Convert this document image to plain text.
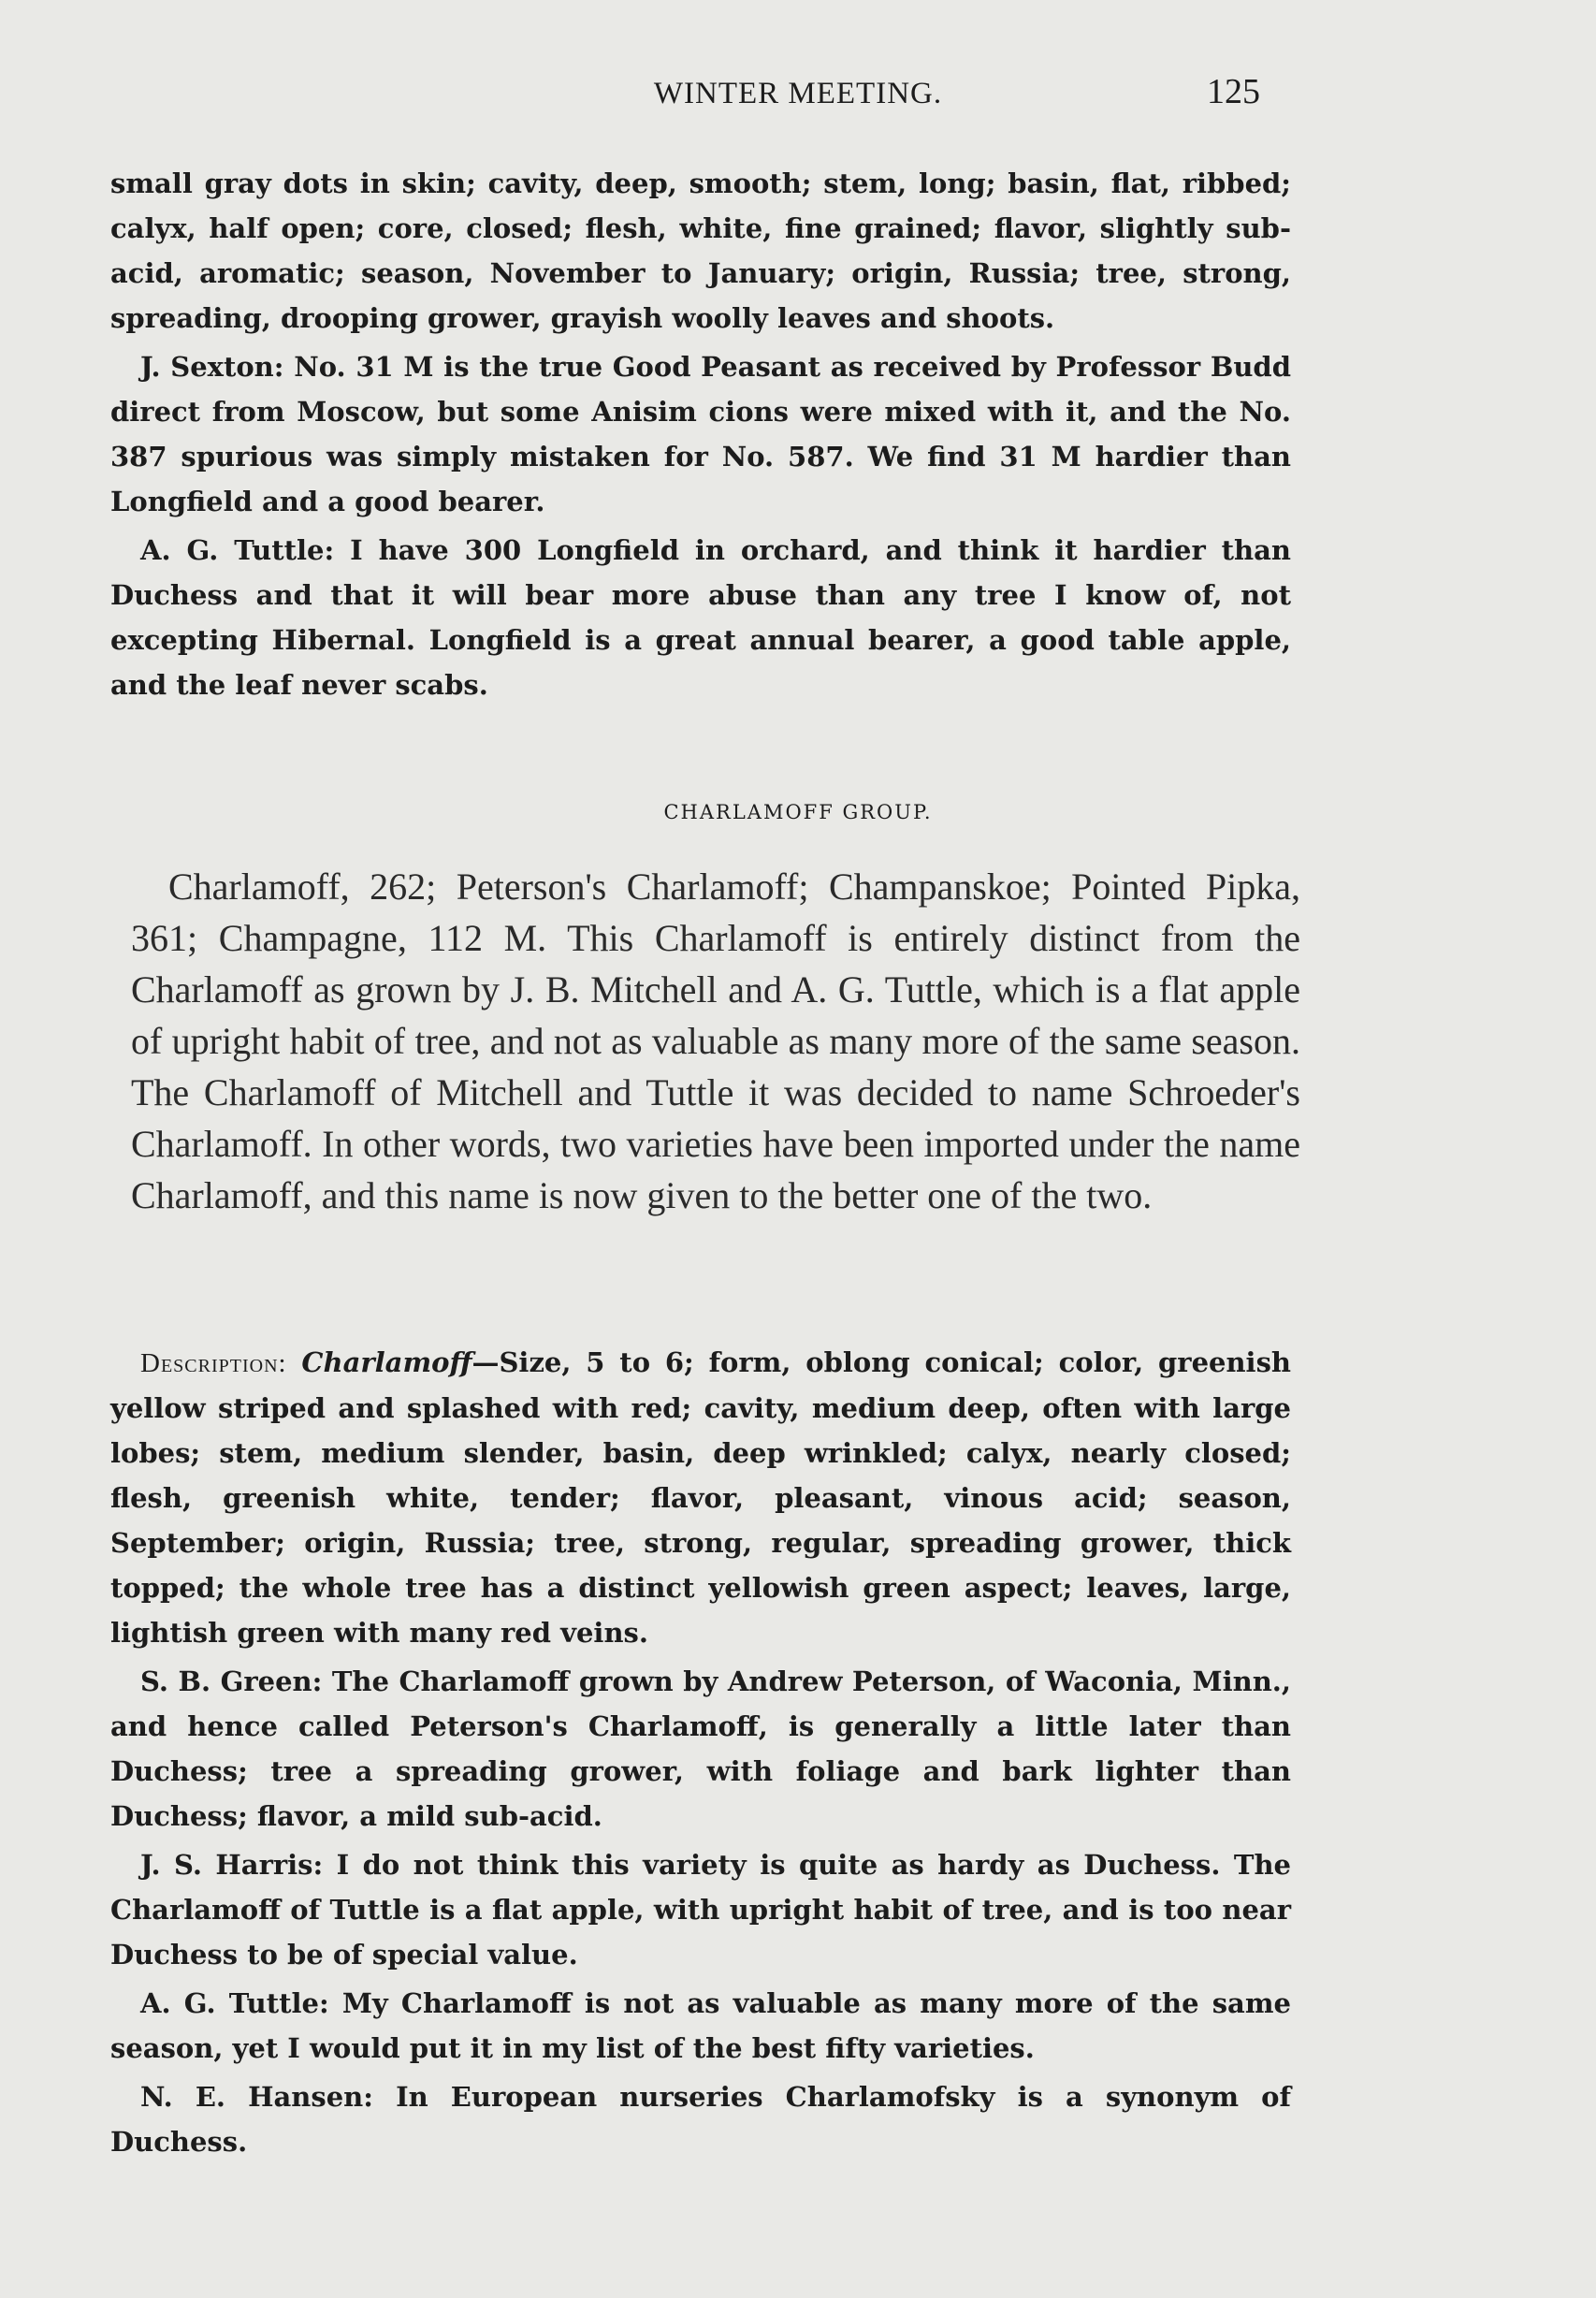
WINTER MEETING.	125

small gray dots in skin; cavity, deep, smooth; stem, long; basin, flat, ribbed; calyx, half open; core, closed; flesh, white, fine grained; flavor, slightly sub-acid, aromatic; season, November to January; origin, Russia; tree, strong, spreading, drooping grower, grayish woolly leaves and shoots.

J. Sexton: No. 31 M is the true Good Peasant as received by Professor Budd direct from Moscow, but some Anisim cions were mixed with it, and the No. 387 spurious was simply mistaken for No. 587. We find 31 M hardier than Longfield and a good bearer.

A. G. Tuttle: I have 300 Longfield in orchard, and think it hardier than Duchess and that it will bear more abuse than any tree I know of, not excepting Hibernal. Longfield is a great annual bearer, a good table apple, and the leaf never scabs.

CHARLAMOFF GROUP.
Charlamoff, 262; Peterson's Charlamoff; Champanskoe; Pointed Pipka, 361; Champagne, 112 M. This Charlamoff is entirely distinct from the Charlamoff as grown by J. B. Mitchell and A. G. Tuttle, which is a flat apple of upright habit of tree, and not as valuable as many more of the same season. The Charlamoff of Mitchell and Tuttle it was decided to name Schroeder's Charlamoff. In other words, two varieties have been imported under the name Charlamoff, and this name is now given to the better one of the two.

Description: Charlamoff—Size, 5 to 6; form, oblong conical; color, greenish yellow striped and splashed with red; cavity, medium deep, often with large lobes; stem, medium slender, basin, deep wrinkled; calyx, nearly closed; flesh, greenish white, tender; flavor, pleasant, vinous acid; season, September; origin, Russia; tree, strong, regular, spreading grower, thick topped; the whole tree has a distinct yellowish green aspect; leaves, large, lightish green with many red veins.

S. B. Green: The Charlamoff grown by Andrew Peterson, of Waconia, Minn., and hence called Peterson's Charlamoff, is generally a little later than Duchess; tree a spreading grower, with foliage and bark lighter than Duchess; flavor, a mild sub-acid.

J. S. Harris: I do not think this variety is quite as hardy as Duchess. The Charlamoff of Tuttle is a flat apple, with upright habit of tree, and is too near Duchess to be of special value.

A. G. Tuttle: My Charlamoff is not as valuable as many more of the same season, yet I would put it in my list of the best fifty varieties.

N. E. Hansen: In European nurseries Charlamofsky is a synonym of Duchess.
